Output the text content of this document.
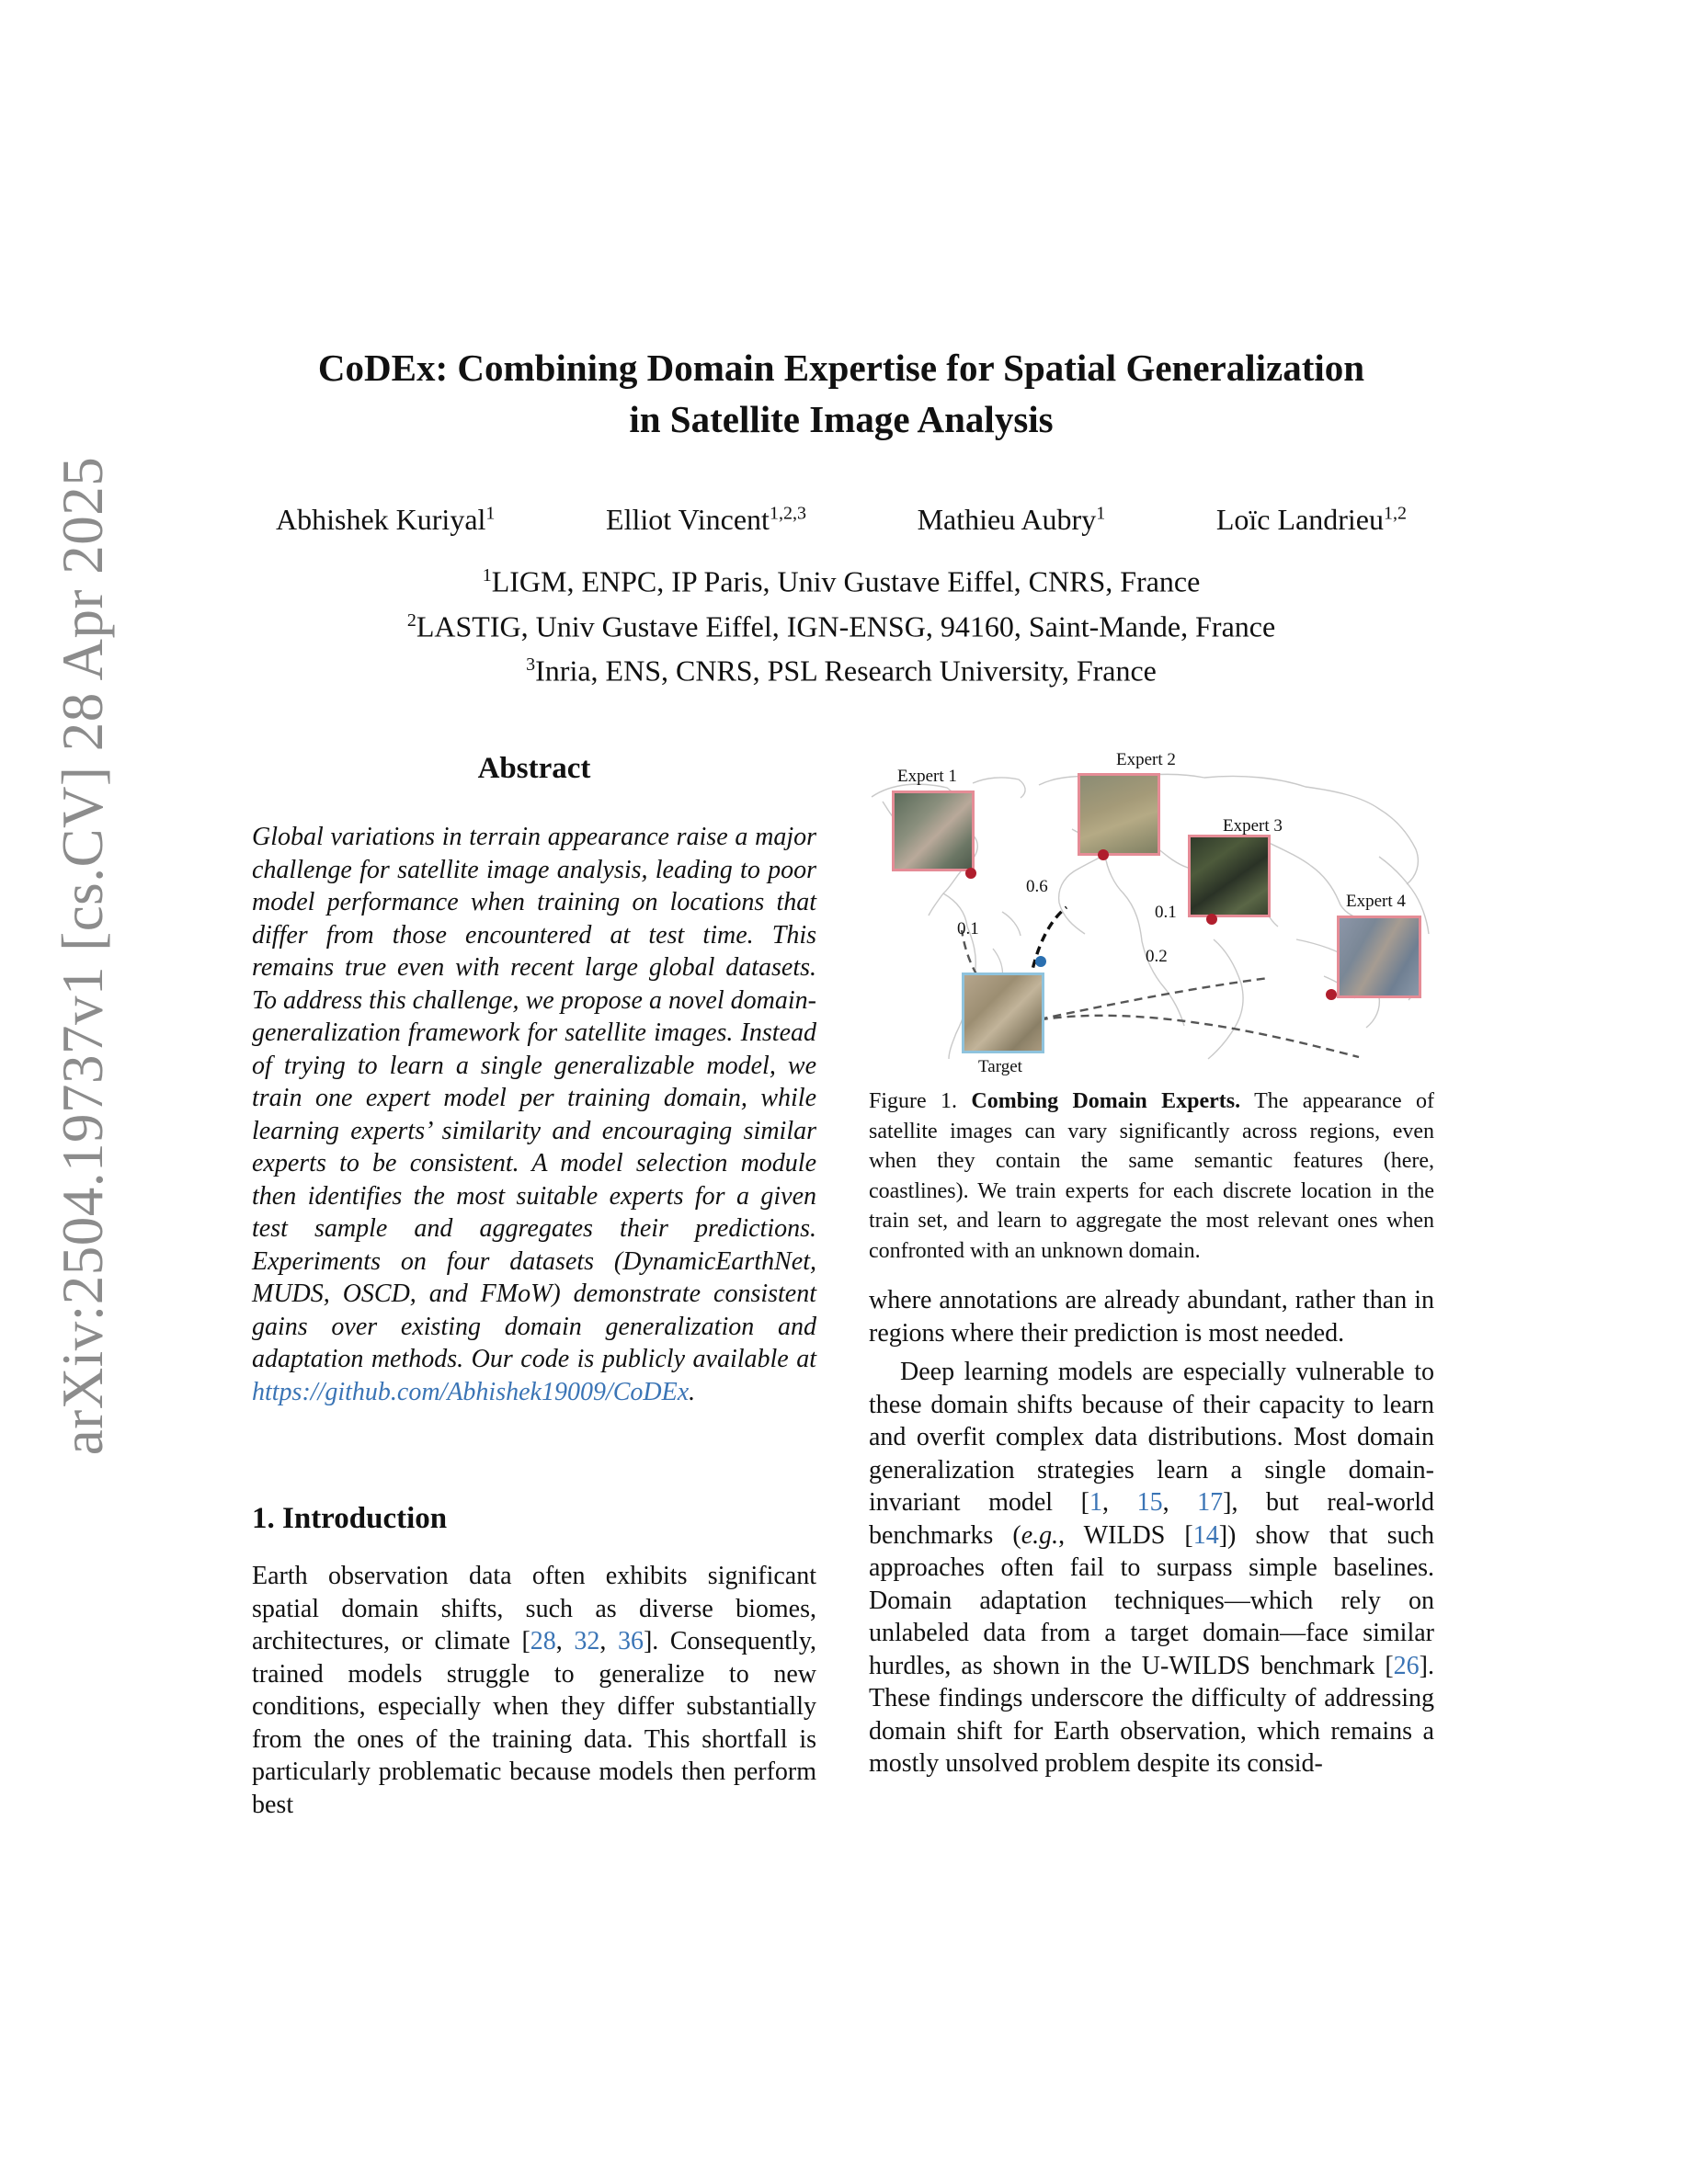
arXiv:2504.19737v1 [cs.CV] 28 Apr 2025
CoDEx: Combining Domain Expertise for Spatial Generalization
in Satellite Image Analysis
Abhishek Kuriyal$^1$	Elliot Vincent$^{1,2,3}$	Mathieu Aubry$^1$	Loïc Landrieu$^{1,2}$
$^1$LIGM, ENPC, IP Paris, Univ Gustave Eiffel, CNRS, France
$^2$LASTIG, Univ Gustave Eiffel, IGN-ENSG, 94160, Saint-Mande, France
$^3$Inria, ENS, CNRS, PSL Research University, France
Abstract
Global variations in terrain appearance raise a major challenge for satellite image analysis, leading to poor model performance when training on locations that differ from those encountered at test time. This remains true even with recent large global datasets. To address this challenge, we propose a novel domain-generalization framework for satellite images. Instead of trying to learn a single generalizable model, we train one expert model per training domain, while learning experts’ similarity and encouraging similar experts to be consistent. A model selection module then identifies the most suitable experts for a given test sample and aggregates their predictions. Experiments on four datasets (DynamicEarthNet, MUDS, OSCD, and FMoW) demonstrate consistent gains over existing domain generalization and adaptation methods. Our code is publicly available at https://github.com/Abhishek19009/CoDEx.
1. Introduction
Earth observation data often exhibits significant spatial domain shifts, such as diverse biomes, architectures, or climate [28, 32, 36]. Consequently, trained models struggle to generalize to new conditions, especially when they differ substantially from the ones of the training data. This shortfall is particularly problematic because models then perform best
Expert 1
Expert 2
Expert 3
Expert 4
Target
0.1
0.6
0.1
0.2
Figure 1. Combing Domain Experts. The appearance of satellite images can vary significantly across regions, even when they contain the same semantic features (here, coastlines). We train experts for each discrete location in the train set, and learn to aggregate the most relevant ones when confronted with an unknown domain.

where annotations are already abundant, rather than in regions where their prediction is most needed.

Deep learning models are especially vulnerable to these domain shifts because of their capacity to learn and overfit complex data distributions. Most domain generalization strategies learn a single domain-invariant model [1, 15, 17], but real-world benchmarks (e.g., WILDS [14]) show that such approaches often fail to surpass simple baselines. Domain adaptation techniques—which rely on unlabeled data from a target domain—face similar hurdles, as shown in the U-WILDS benchmark [26]. These findings underscore the difficulty of addressing domain shift for Earth observation, which remains a mostly unsolved problem despite its consid-
